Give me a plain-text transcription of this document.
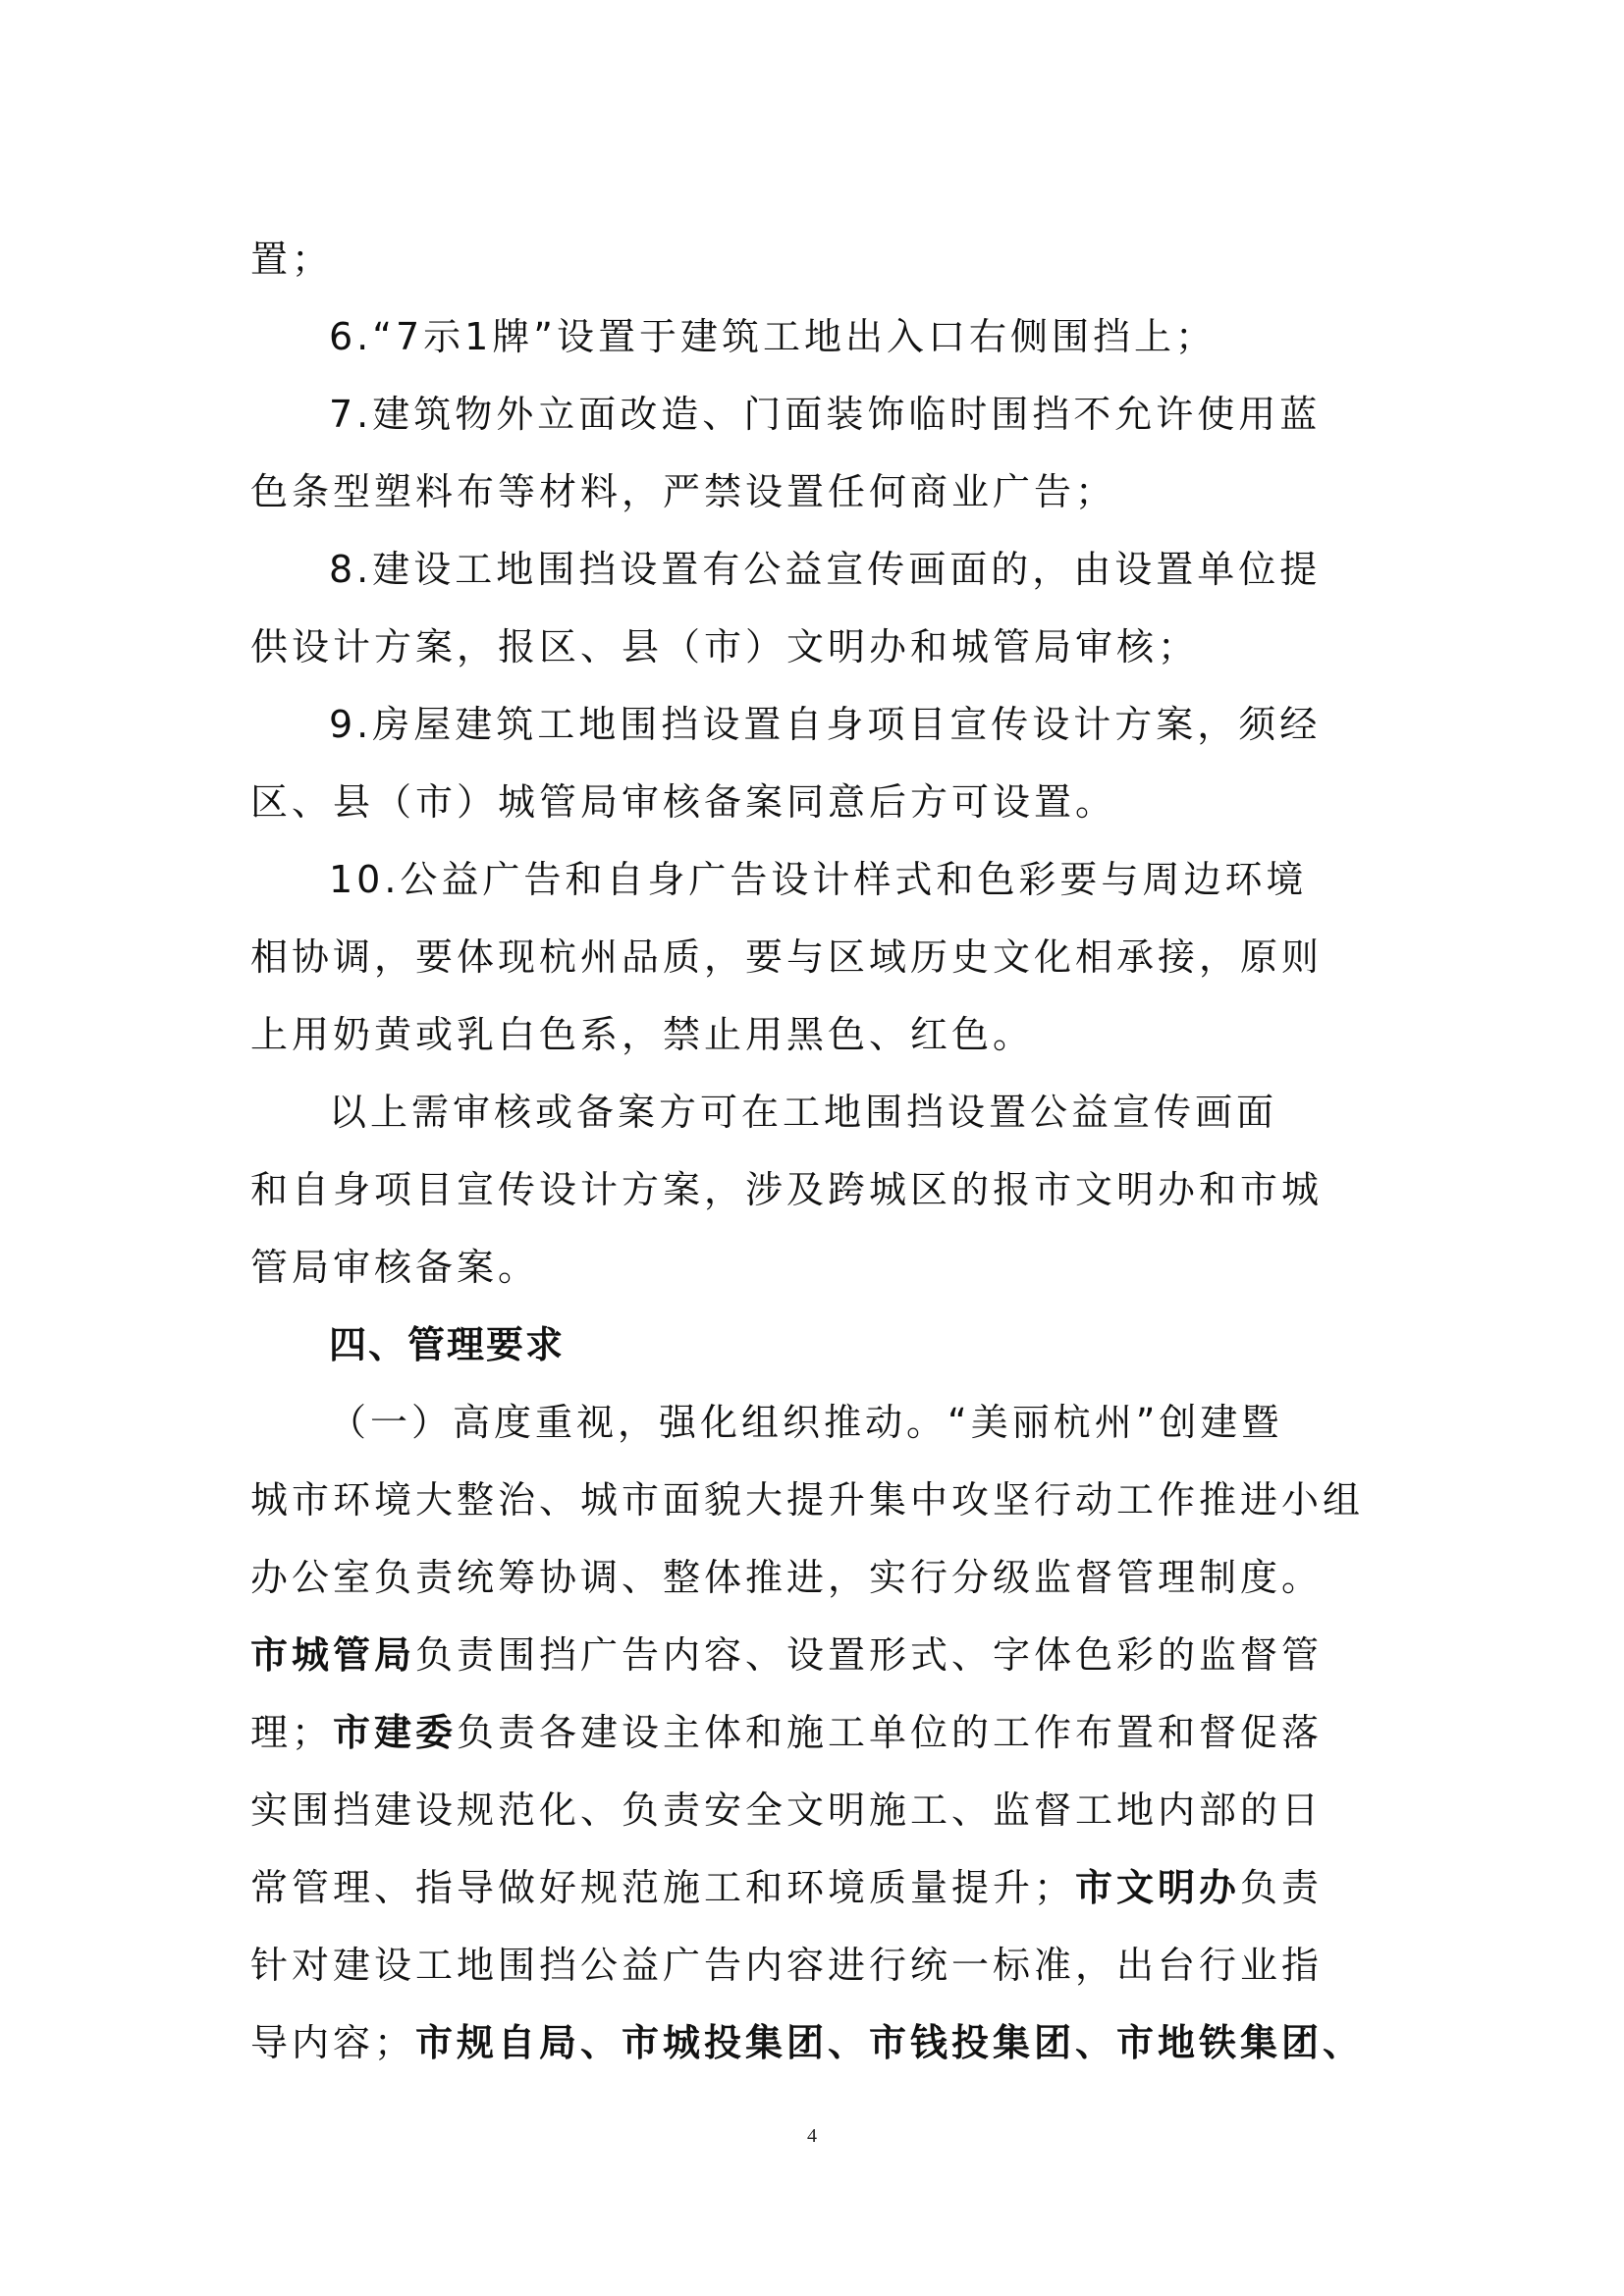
置；
6.“7示1牌”设置于建筑工地出入口右侧围挡上；
7.建筑物外立面改造、门面装饰临时围挡不允许使用蓝
色条型塑料布等材料，严禁设置任何商业广告；
8.建设工地围挡设置有公益宣传画面的，由设置单位提
供设计方案，报区、县（市）文明办和城管局审核；
9.房屋建筑工地围挡设置自身项目宣传设计方案，须经
区、县（市）城管局审核备案同意后方可设置。
10.公益广告和自身广告设计样式和色彩要与周边环境
相协调，要体现杭州品质，要与区域历史文化相承接，原则
上用奶黄或乳白色系，禁止用黑色、红色。
以上需审核或备案方可在工地围挡设置公益宣传画面
和自身项目宣传设计方案，涉及跨城区的报市文明办和市城
管局审核备案。
四、管理要求
（一）高度重视，强化组织推动。“美丽杭州”创建暨
城市环境大整治、城市面貌大提升集中攻坚行动工作推进小组
办公室负责统筹协调、整体推进，实行分级监督管理制度。
市城管局负责围挡广告内容、设置形式、字体色彩的监督管
理；市建委负责各建设主体和施工单位的工作布置和督促落
实围挡建设规范化、负责安全文明施工、监督工地内部的日
常管理、指导做好规范施工和环境质量提升；市文明办负责
针对建设工地围挡公益广告内容进行统一标准，出台行业指
导内容；市规自局、市城投集团、市钱投集团、市地铁集团、
4
